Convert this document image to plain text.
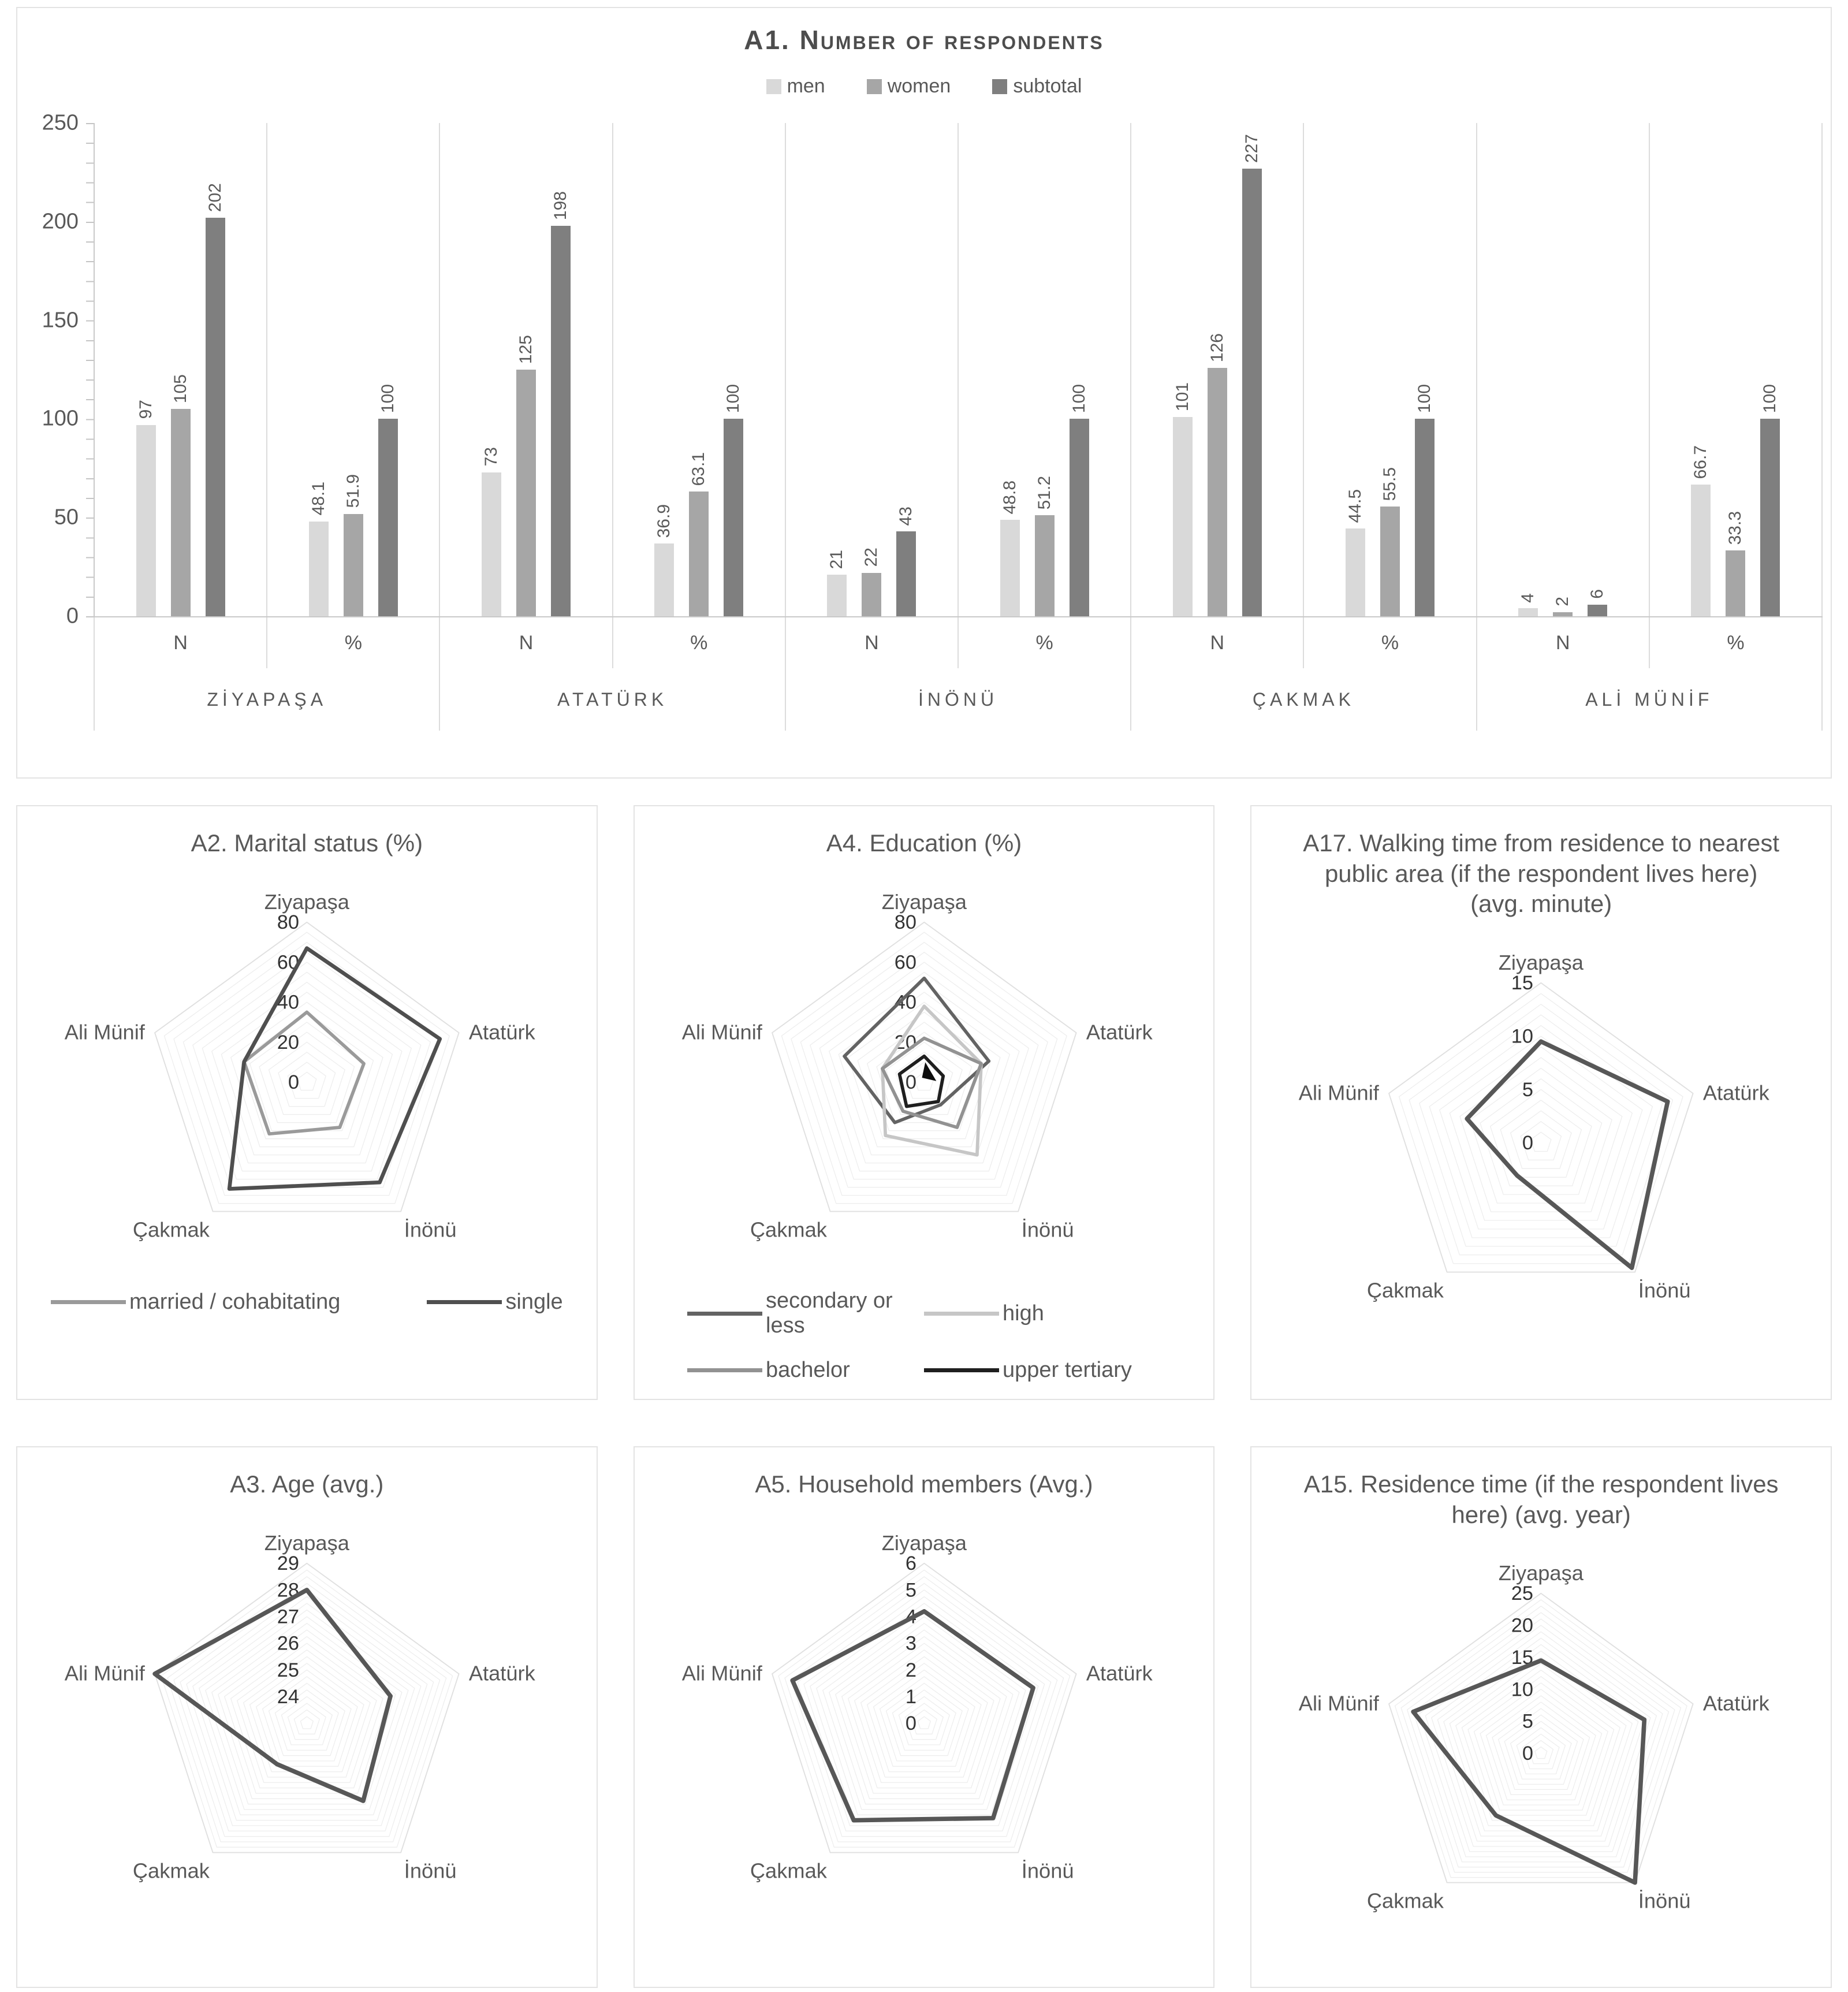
A1. Number of respondents
men	women	subtotal
0
50
100
150
200
250
97
105
202
48.1 51.9
100
73
125
198
36.9
63.1
100
21 22
43
48.8 51.2
100	101
126
227
44.5
55.5
100
4 2
6
66.7
33.3
100
N	%	N	%	N	%	N	%	N	%
ZİYAPAŞA	ATATÜRK	İNÖNÜ	ÇAKMAK	ALİ MÜNİF
A2. Marital status (%)
80
60
40
20
0
Ziyapaşa
Atatürk
İnönü
Çakmak
Ali Münif
married / cohabitating	single
A4. Education (%)
80
60
40
20
0
Ziyapaşa
Atatürk
İnönü
Çakmak
Ali Münif
secondary or less
high
bachelor	upper tertiary
A17. Walking time from residence to nearest public area (if the respondent lives here) (avg. minute)
15
10
5
0
Ziyapaşa
Atatürk
İnönü
Çakmak
Ali Münif
A3. Age (avg.)
29
28
27
26
25
24
Ziyapaşa
Atatürk
İnönü
Çakmak
Ali Münif
A5. Household members (Avg.)
6
5
4
3
2
1
0
Ziyapaşa
Atatürk
İnönü
Çakmak
Ali Münif
A15. Residence time (if the respondent lives here) (avg. year)
25
20
15
10
5
0
Ziyapaşa
Atatürk
İnönü
Çakmak
Ali Münif
